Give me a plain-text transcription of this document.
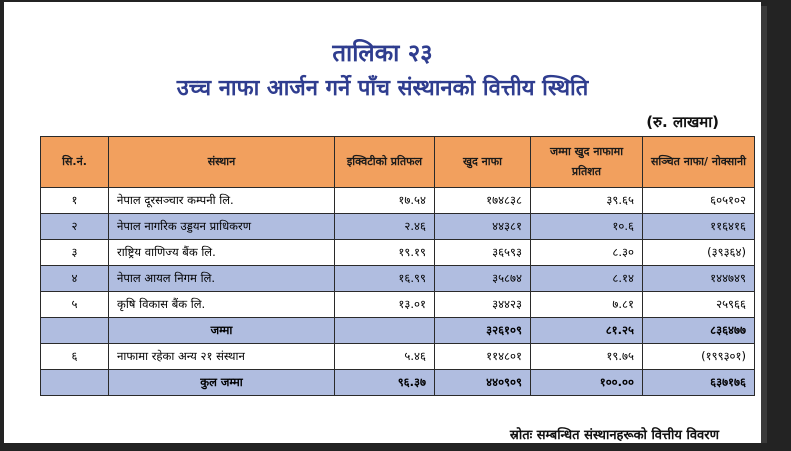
तालिका २३
उच्च नाफा आर्जन गर्ने पाँच संस्थानको वित्तीय स्थिति
(रु. लाखमा)
सि.नं.	संस्थान	इक्विटीको प्रतिफल	खुद नाफा	जम्मा खुद नाफामा प्रतिशत	सञ्चित नाफा/ नोक्सानी
१	नेपाल दूरसञ्चार कम्पनी लि.	१७.५४	१७४८३८	३९.६५	६०५१०२
२	नेपाल नागरिक उड्डयन प्राधिकरण	२.४६	४४३८१	१०.६	११६४१६
३	राष्ट्रिय वाणिज्य बैंक लि.	१९.१९	३६५९३	८.३०	(३९३६४)
४	नेपाल आयल निगम लि.	१६.९९	३५८७४	८.१४	१४४७४९
५	कृषि विकास बैंक लि.	१३.०१	३४४२३	७.८१	२५९६६
	जम्मा		३२६१०९	८१.२५	८३६४७७
६	नाफामा रहेका अन्य २१ संस्थान	५.४६	११४८०१	१९.७५	(१९९३०१)
	कुल जम्मा	९६.३७	४४०९०९	१००.००	६३७१७६
स्रोतः सम्बन्धित संस्थानहरूको वित्तीय विवरण
